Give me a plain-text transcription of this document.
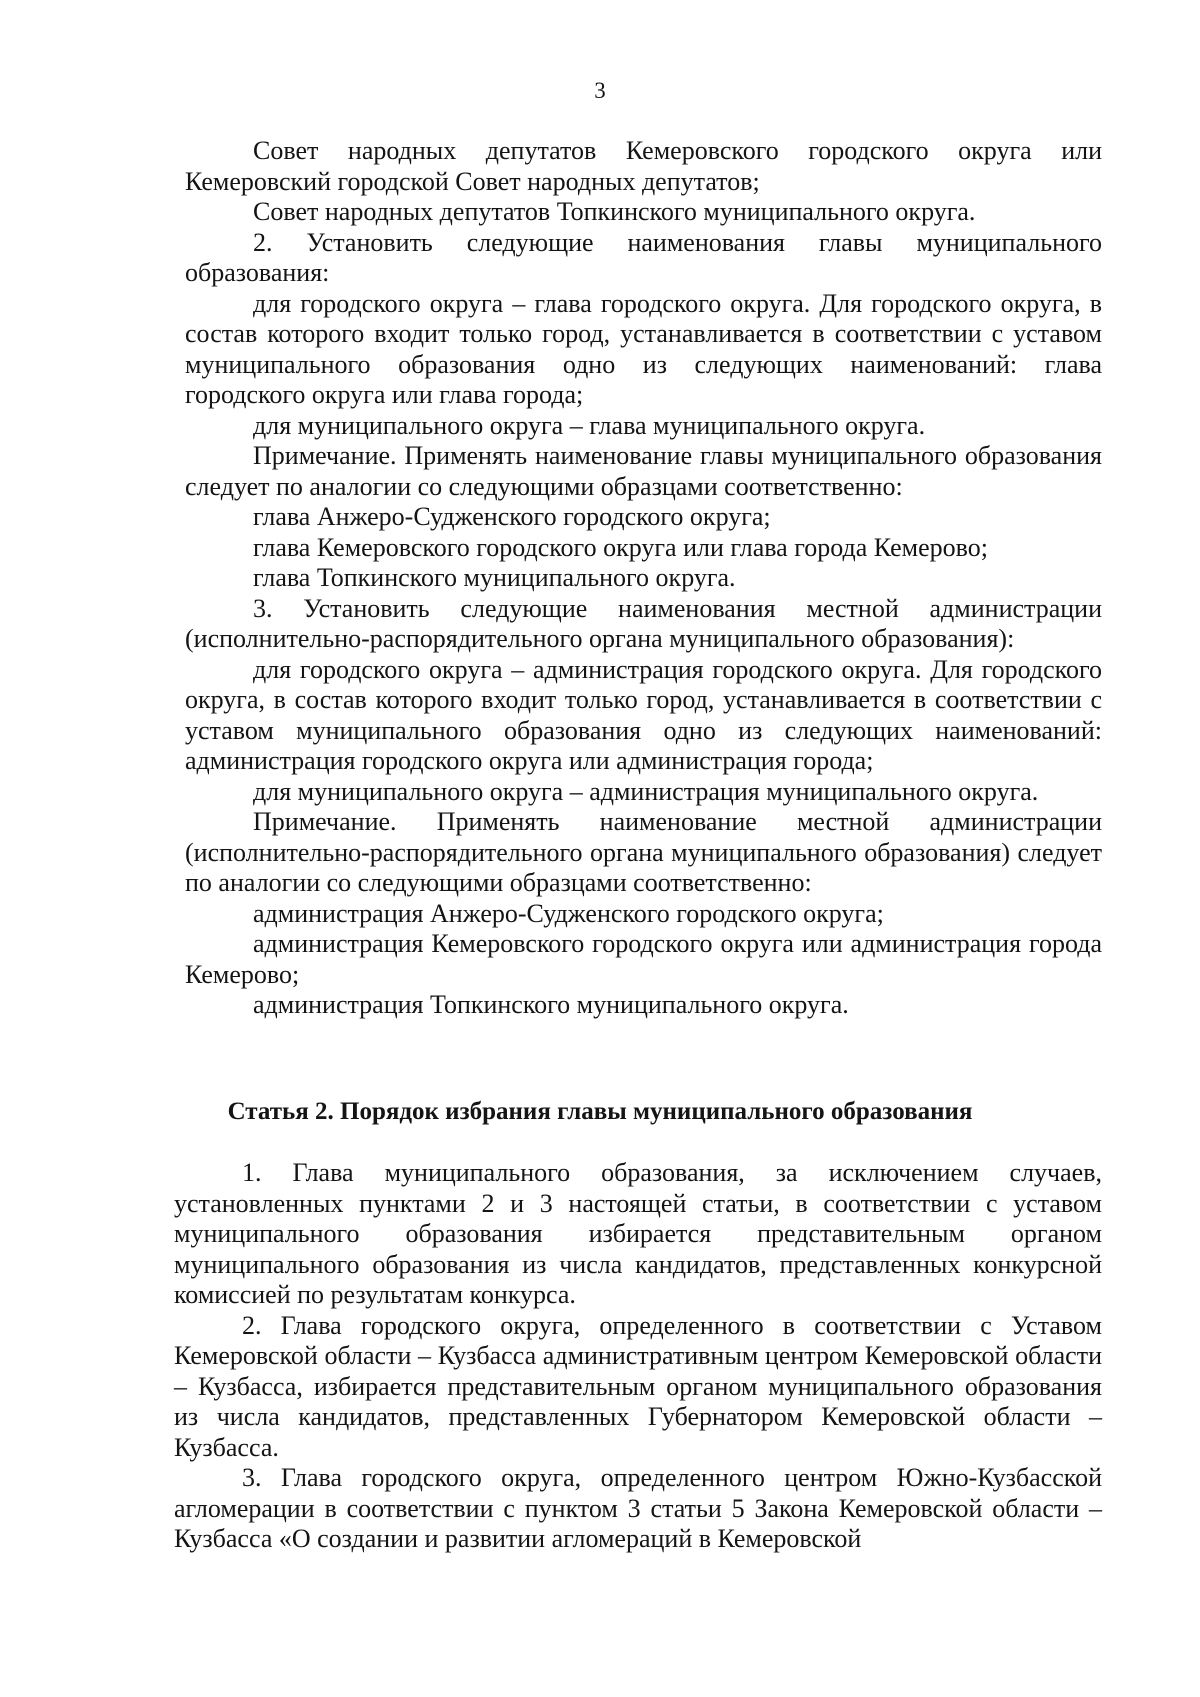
3

Совет народных депутатов Кемеровского городского округа или Кемеровский городской Совет народных депутатов;

Совет народных депутатов Топкинского муниципального округа.

2. Установить следующие наименования главы муниципального образования:

для городского округа – глава городского округа. Для городского округа, в состав которого входит только город, устанавливается в соответствии с уставом муниципального образования одно из следующих наименований: глава городского округа или глава города;

для муниципального округа – глава муниципального округа.

Примечание. Применять наименование главы муниципального образования следует по аналогии со следующими образцами соответственно:

глава Анжеро-Судженского городского округа;

глава Кемеровского городского округа или глава города Кемерово;

глава Топкинского муниципального округа.

3. Установить следующие наименования местной администрации (исполнительно-распорядительного органа муниципального образования):

для городского округа – администрация городского округа. Для городского округа, в состав которого входит только город, устанавливается в соответствии с уставом муниципального образования одно из следующих наименований: администрация городского округа или администрация города;

для муниципального округа – администрация муниципального округа.

Примечание. Применять наименование местной администрации (исполнительно-распорядительного органа муниципального образования) следует по аналогии со следующими образцами соответственно:

администрация Анжеро-Судженского городского округа;

администрация Кемеровского городского округа или администрация города Кемерово;

администрация Топкинского муниципального округа.

Статья 2. Порядок избрания главы муниципального образования

1. Глава муниципального образования, за исключением случаев, установленных пунктами 2 и 3 настоящей статьи, в соответствии с уставом муниципального образования избирается представительным органом муниципального образования из числа кандидатов, представленных конкурсной комиссией по результатам конкурса.

2. Глава городского округа, определенного в соответствии с Уставом Кемеровской области – Кузбасса административным центром Кемеровской области – Кузбасса, избирается представительным органом муниципального образования из числа кандидатов, представленных Губернатором Кемеровской области – Кузбасса.

3. Глава городского округа, определенного центром Южно-Кузбасской агломерации в соответствии с пунктом 3 статьи 5 Закона Кемеровской области – Кузбасса «О создании и развитии агломераций в Кемеровской
